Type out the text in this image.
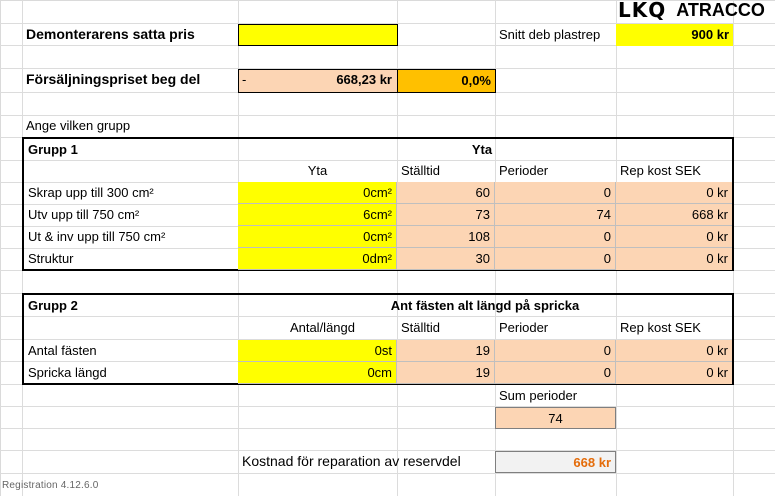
LKQ ATRACCO
Demonterarens satta pris	Snitt deb plastrep	900 kr
Försäljningspriset beg del	-	668,23 kr	0,0%
Ange vilken grupp
Grupp 1	Yta
Yta	Ställtid	Perioder	Rep kost SEK
Skrap upp till 300 cm²	0cm²	60	0	0 kr
Utv upp till 750 cm²	6cm²	73	74	668 kr
Ut & inv upp till 750 cm²	0cm²	108	0	0 kr
Struktur	0dm²	30	0	0 kr
Grupp 2	Ant fästen alt längd på spricka
Antal/längd	Ställtid	Perioder	Rep kost SEK
Antal fästen	0st	19	0	0 kr
Spricka längd	0cm	19	0	0 kr
Sum perioder
74
Kostnad för reparation av reservdel	668 kr
Registration 4.12.6.0
